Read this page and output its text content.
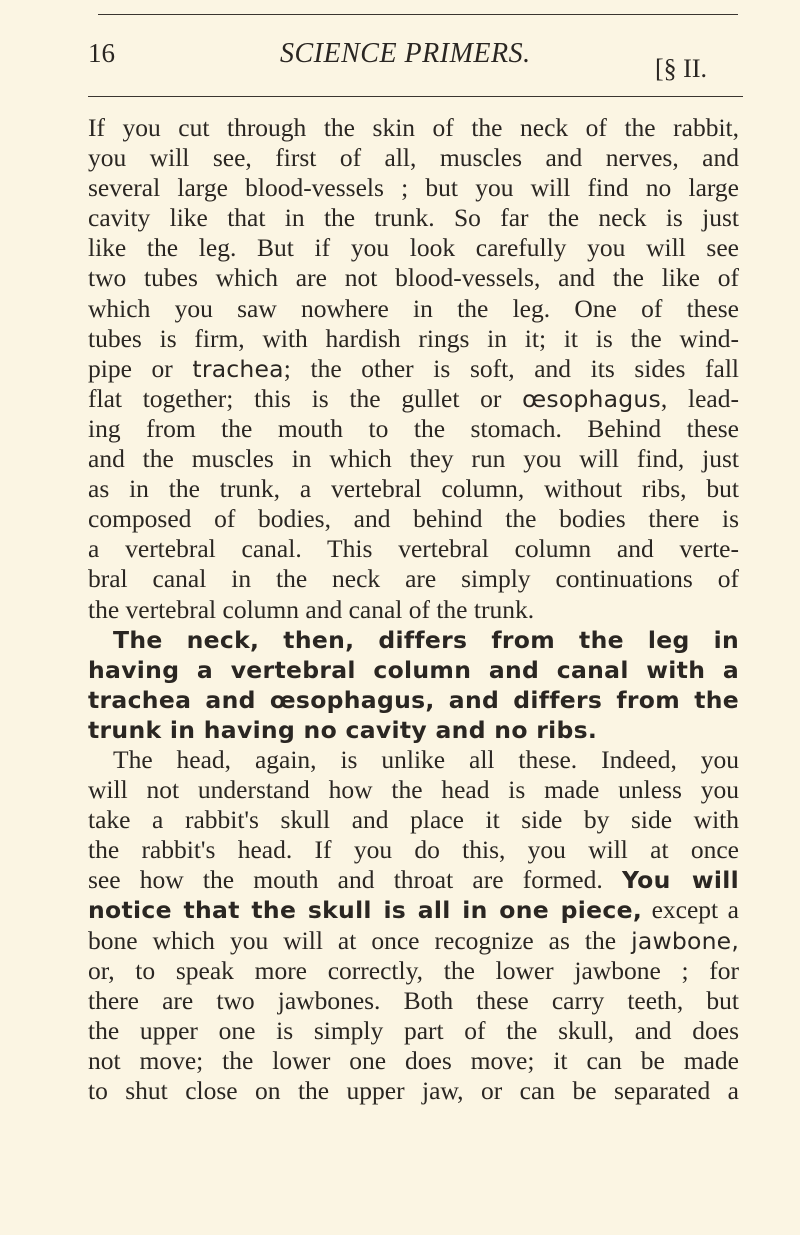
16	SCIENCE PRIMERS.	[§ II.
If you cut through the skin of the neck of the rabbit,
you will see, first of all, muscles and nerves, and
several large blood-vessels ; but you will find no large
cavity like that in the trunk. So far the neck is just
like the leg. But if you look carefully you will see
two tubes which are not blood-vessels, and the like of
which you saw nowhere in the leg. One of these
tubes is firm, with hardish rings in it; it is the wind-
pipe or trachea; the other is soft, and its sides fall
flat together; this is the gullet or œsophagus, lead-
ing from the mouth to the stomach. Behind these
and the muscles in which they run you will find, just
as in the trunk, a vertebral column, without ribs, but
composed of bodies, and behind the bodies there is
a vertebral canal. This vertebral column and verte-
bral canal in the neck are simply continuations of
the vertebral column and canal of the trunk.
The neck, then, differs from the leg in
having a vertebral column and canal with a
trachea and œsophagus, and differs from the
trunk in having no cavity and no ribs.
The head, again, is unlike all these. Indeed, you
will not understand how the head is made unless you
take a rabbit's skull and place it side by side with
the rabbit's head. If you do this, you will at once
see how the mouth and throat are formed. You will
notice that the skull is all in one piece, except a
bone which you will at once recognize as the jawbone,
or, to speak more correctly, the lower jawbone ; for
there are two jawbones. Both these carry teeth, but
the upper one is simply part of the skull, and does
not move; the lower one does move; it can be made
to shut close on the upper jaw, or can be separated a
